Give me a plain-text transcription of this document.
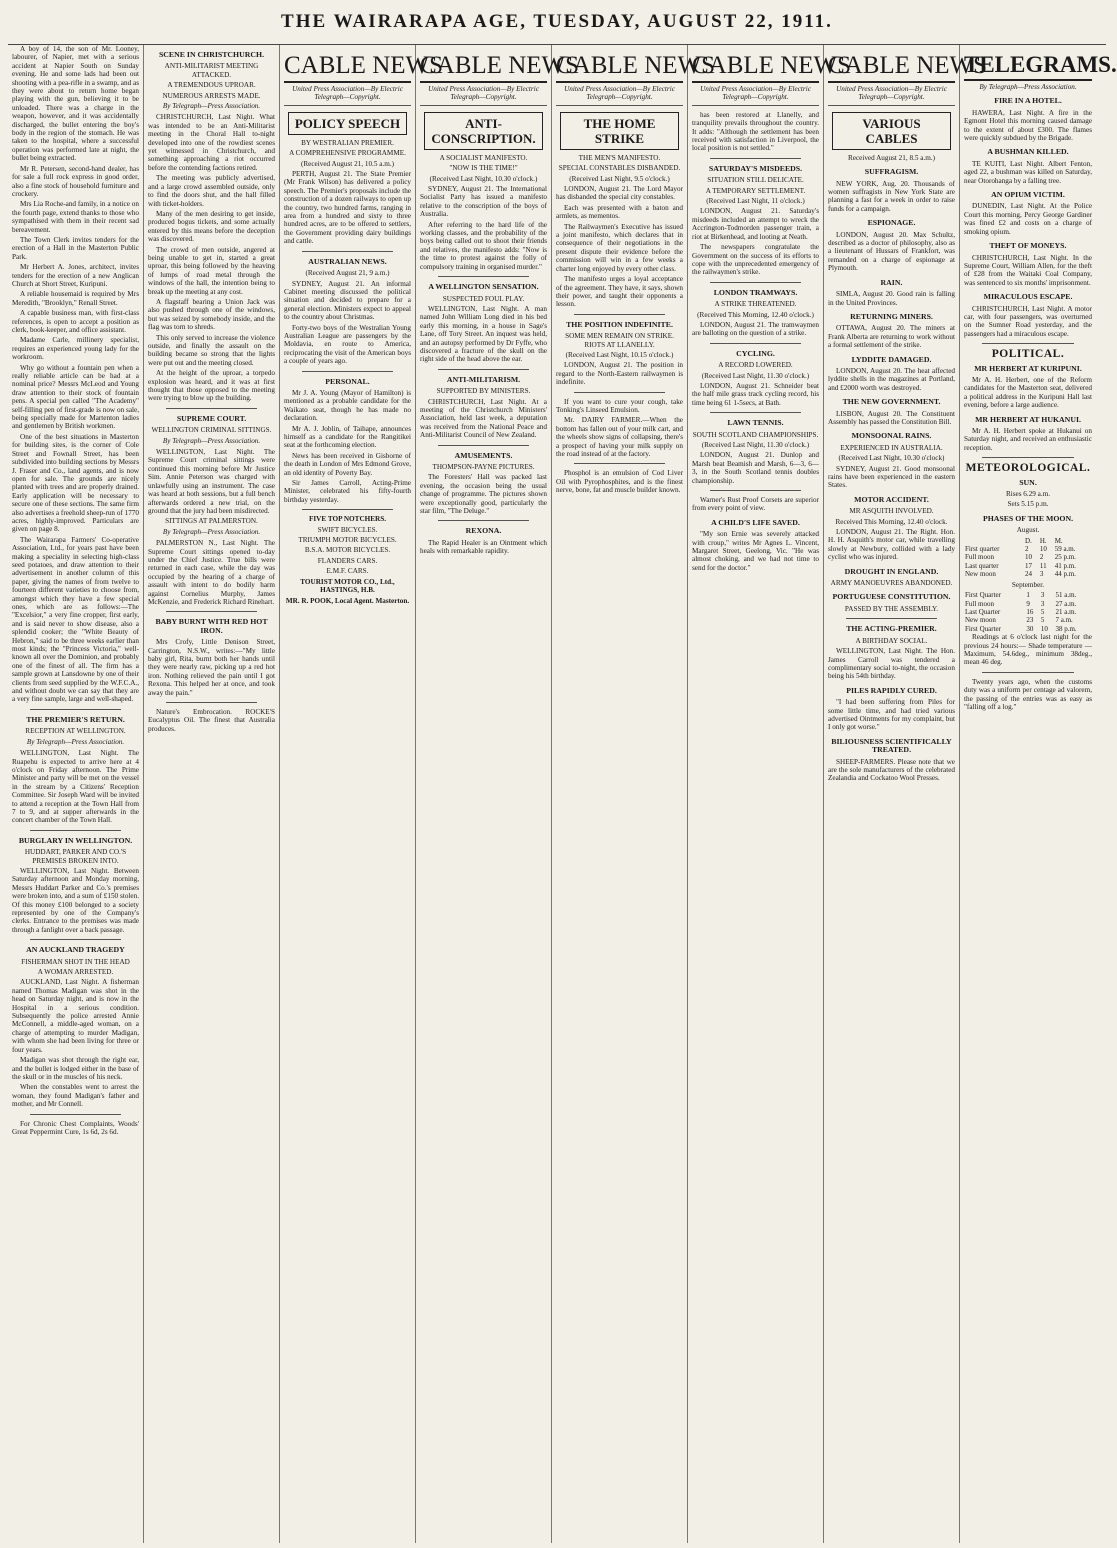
THE WAIRARAPA AGE, TUESDAY, AUGUST 22, 1911.

A boy of 14, the son of Mr. Looney, labourer, of Napier, met with a serious accident at Napier South on Sunday evening. He and some lads had been out shooting with a pea-rifle in a swamp, and as they were about to return home began playing with the gun, believing it to be unloaded. There was a charge in the weapon, however, and it was accidentally discharged, the bullet entering the boy's body in the region of the stomach. He was taken to the hospital, where a successful operation was performed late at night, the bullet being extracted.

Mr R. Petersen, second-hand dealer, has for sale a full rock express in good order, also a fine stock of household furniture and crockery.

Mrs Lia Roche-and family, in a notice on the fourth page, extend thanks to those who sympathised with them in their recent sad bereavement.

The Town Clerk invites tenders for the erection of a Hall in the Masterton Public Park.

Mr Herbert A. Jones, architect, invites tenders for the erection of a new Anglican Church at Short Street, Kuripuni.

A reliable housemaid is required by Mrs Meredith, "Brooklyn," Renall Street.

A capable business man, with first-class references, is open to accept a position as clerk, book-keeper, and office assistant.

Madame Carle, millinery specialist, requires an experienced young lady for the workroom.

Why go without a fountain pen when a really reliable article can be had at a nominal price? Messrs McLeod and Young draw attention to their stock of fountain pens. A special pen called "The Academy" self-filling pen of first-grade is now on sale, being specially made for Martenton ladies and gentlemen by British workmen.

One of the best situations in Masterton for building sites, is the corner of Cole Street and Fownall Street, has been subdivided into building sections by Messrs J. Fraser and Co., land agents, and is now open for sale. The grounds are nicely planted with trees and are properly drained. Early application will be necessary to secure one of these sections. The same firm also advertises a freehold sheep-run of 1770 acres, highly-improved. Particulars are given on page 8.

The Wairarapa Farmers' Co-operative Association, Ltd., for years past have been making a speciality in selecting high-class seed potatoes, and draw attention to their advertisement in another column of this paper, giving the names of from twelve to fourteen different varieties to choose from, amongst which they have a few special ones, which are as follows:—The "Excelsior," a very fine cropper, first early, and is said never to show disease, also a splendid cooker; the "White Beauty of Hebron," said to be three weeks earlier than most kinds; the "Princess Victoria," well-known all over the Dominion, and probably one of the finest of all. The firm has a sample grown at Lansdowne by one of their clients from seed supplied by the W.F.C.A., and without doubt we can say that they are a very fine sample, large and well-shaped.

THE PREMIER'S RETURN.
RECEPTION AT WELLINGTON.
By Telegraph—Press Association.

WELLINGTON, Last Night. The Ruapehu is expected to arrive here at 4 o'clock on Friday afternoon. The Prime Minister and party will be met on the vessel in the stream by a Citizens' Reception Committee. Sir Joseph Ward will be invited to attend a reception at the Town Hall from 7 to 9, and at supper afterwards in the concert chamber of the Town Hall.

BURGLARY IN WELLINGTON.
HUDDART, PARKER AND CO.'S PREMISES BROKEN INTO.

WELLINGTON, Last Night. Between Saturday afternoon and Monday morning, Messrs Huddart Parker and Co.'s premises were broken into, and a sum of £150 stolen. Of this money £100 belonged to a society represented by one of the Company's clerks. Entrance to the premises was made through a fanlight over a back passage.

AN AUCKLAND TRAGEDY
FISHERMAN SHOT IN THE HEAD
A WOMAN ARRESTED.

AUCKLAND, Last Night. A fisherman named Thomas Madigan was shot in the head on Saturday night, and is now in the Hospital in a serious condition. Subsequently the police arrested Annie McConnell, a middle-aged woman, on a charge of attempting to murder Madigan, with whom she had been living for three or four years.

Madigan was shot through the right ear, and the bullet is lodged either in the base of the skull or in the muscles of his neck.

When the constables went to arrest the woman, they found Madigan's father and mother, and Mr Connell.

For Chronic Chest Complaints, Woods' Great Peppermint Cure, 1s 6d, 2s 6d.

SCENE IN CHRISTCHURCH.
ANTI-MILITARIST MEETING ATTACKED.
A TREMENDOUS UPROAR.
NUMEROUS ARRESTS MADE.
By Telegraph—Press Association.

CHRISTCHURCH, Last Night. What was intended to be an Anti-Militarist meeting in the Choral Hall to-night developed into one of the rowdiest scenes yet witnessed in Christchurch, and something approaching a riot occurred before the contending factions retired.

The meeting was publicly advertised, and a large crowd assembled outside, only to find the doors shut, and the hall filled with ticket-holders.

Many of the men desiring to get inside, produced bogus tickets, and some actually entered by this means before the deception was discovered.

The crowd of men outside, angered at being unable to get in, started a great uproar, this being followed by the heaving of lumps of road metal through the windows of the hall, the intention being to break up the meeting at any cost.

A flagstaff bearing a Union Jack was also pushed through one of the windows, but was seized by somebody inside, and the flag was torn to shreds.

This only served to increase the violence outside, and finally the assault on the building became so strong that the lights were put out and the meeting closed.

At the height of the uproar, a torpedo explosion was heard, and it was at first thought that those opposed to the meeting were trying to blow up the building.

SUPREME COURT.
WELLINGTON CRIMINAL SITTINGS.
By Telegraph—Press Association.

WELLINGTON, Last Night. The Supreme Court criminal sittings were continued this morning before Mr Justice Sim. Annie Peterson was charged with unlawfully using an instrument. The case was heard at both sessions, but a full bench afterwards ordered a new trial, on the ground that the jury had been misdirected.

SITTINGS AT PALMERSTON.
By Telegraph—Press Association.

PALMERSTON N., Last Night. The Supreme Court sittings opened to-day under the Chief Justice. True bills were returned in each case, while the day was occupied by the hearing of a charge of assault with intent to do bodily harm against Cornelius Murphy, James McKenzie, and Frederick Richard Rinehart.

BABY BURNT WITH RED HOT IRON.

Mrs Crofy, Little Denison Street, Carrington, N.S.W., writes:—"My little baby girl, Rita, burnt both her hands until they were nearly raw, picking up a red hot iron. Nothing relieved the pain until I got Rexona. This helped her at once, and took away the pain."

Nature's Embrocation. ROCKE'S Eucalyptus Oil. The finest that Australia produces.

CABLE NEWS
United Press Association—By Electric Telegraph—Copyright.
POLICY SPEECH
BY WESTRALIAN PREMIER.
A COMPREHENSIVE PROGRAMME.
(Received August 21, 10.5 a.m.)

PERTH, August 21. The State Premier (Mr Frank Wilson) has delivered a policy speech. The Premier's proposals include the construction of a dozen railways to open up the country, two hundred farms, ranging in area from a hundred and sixty to three hundred acres, are to be offered to settlers, the Government providing dairy buildings and cattle.

AUSTRALIAN NEWS.
(Received August 21, 9 a.m.)

SYDNEY, August 21. An informal Cabinet meeting discussed the political situation and decided to prepare for a general election. Ministers expect to appeal to the country about Christmas.

Forty-two boys of the Westralian Young Australian League are passengers by the Moldavia, en route to America, reciprocating the visit of the American boys a couple of years ago.

PERSONAL.

Mr J. A. Young (Mayor of Hamilton) is mentioned as a probable candidate for the Waikato seat, though he has made no declaration.

Mr A. J. Joblin, of Taihape, announces himself as a candidate for the Rangitikei seat at the forthcoming election.

News has been received in Gisborne of the death in London of Mrs Edmond Grove, an old identity of Poverty Bay.

Sir James Carroll, Acting-Prime Minister, celebrated his fifty-fourth birthday yesterday.

FIVE TOP NOTCHERS.
SWIFT BICYCLES.
TRIUMPH MOTOR BICYCLES.
B.S.A. MOTOR BICYCLES.
FLANDERS CARS.
E.M.F. CARS.
TOURIST MOTOR CO., Ltd., HASTINGS, H.B.
MR. R. POOK, Local Agent. Masterton.
CABLE NEWS
United Press Association—By Electric Telegraph—Copyright.
ANTI-CONSCRIPTION.
A SOCIALIST MANIFESTO.
"NOW IS THE TIME!"
(Received Last Night, 10.30 o'clock.)

SYDNEY, August 21. The International Socialist Party has issued a manifesto relative to the conscription of the boys of Australia.

After referring to the hard life of the working classes, and the probability of the boys being called out to shoot their friends and relatives, the manifesto adds: "Now is the time to protest against the folly of compulsory training in organised murder."

A WELLINGTON SENSATION.
SUSPECTED FOUL PLAY.

WELLINGTON, Last Night. A man named John William Long died in his bed early this morning, in a house in Sage's Lane, off Tory Street. An inquest was held, and an autopsy performed by Dr Fyffe, who discovered a fracture of the skull on the right side of the head above the ear.

ANTI-MILITARISM.
SUPPORTED BY MINISTERS.

CHRISTCHURCH, Last Night. At a meeting of the Christchurch Ministers' Association, held last week, a deputation was received from the National Peace and Anti-Militarist Council of New Zealand.

AMUSEMENTS.
THOMPSON-PAYNE PICTURES.

The Foresters' Hall was packed last evening, the occasion being the usual change of programme. The pictures shown were exceptionally good, particularly the star film, "The Deluge."

REXONA.

The Rapid Healer is an Ointment which heals with remarkable rapidity.

CABLE NEWS
United Press Association—By Electric Telegraph—Copyright.
THE HOME STRIKE
THE MEN'S MANIFESTO.
SPECIAL CONSTABLES DISBANDED.
(Received Last Night, 9.5 o'clock.)

LONDON, August 21. The Lord Mayor has disbanded the special city constables.

Each was presented with a baton and armlets, as mementos.

The Railwaymen's Executive has issued a joint manifesto, which declares that in consequence of their negotiations in the present dispute their evidence before the commission will win in a few weeks a charter long enjoyed by every other class.

The manifesto urges a loyal acceptance of the agreement. They have, it says, shown their power, and taught their opponents a lesson.

THE POSITION INDEFINITE.
SOME MEN REMAIN ON STRIKE. RIOTS AT LLANELLY.
(Received Last Night, 10.15 o'clock.)

LONDON, August 21. The position in regard to the North-Eastern railwaymen is indefinite.

If you want to cure your cough, take Tonking's Linseed Emulsion.

Mr. DAIRY FARMER.—When the bottom has fallen out of your milk cart, and the wheels show signs of collapsing, there's a prospect of having your milk supply on the road instead of at the factory.

Phosphol is an emulsion of Cod Liver Oil with Pyrophosphites, and is the finest nerve, bone, fat and muscle builder known.

CABLE NEWS
United Press Association—By Electric Telegraph—Copyright.

has been restored at Llanelly, and tranquility prevails throughout the country. It adds: "Although the settlement has been received with satisfaction in Liverpool, the local position is not settled."

SATURDAY'S MISDEEDS.
SITUATION STILL DELICATE.
A TEMPORARY SETTLEMENT.
(Received Last Night, 11 o'clock.)

LONDON, August 21. Saturday's misdeeds included an attempt to wreck the Accrington-Todmorden passenger train, a riot at Birkenhead, and looting at Neath.

The newspapers congratulate the Government on the success of its efforts to cope with the unprecedented emergency of the railwaymen's strike.

LONDON TRAMWAYS.
A STRIKE THREATENED.
(Received This Morning, 12.40 o'clock.)

LONDON, August 21. The tramwaymen are balloting on the question of a strike.

CYCLING.
A RECORD LOWERED.
(Received Last Night, 11.30 o'clock.)

LONDON, August 21. Schneider beat the half mile grass track cycling record, his time being 61 1-5secs, at Bath.

LAWN TENNIS.
SOUTH SCOTLAND CHAMPIONSHIPS.
(Received Last Night, 11.30 o'clock.)

LONDON, August 21. Dunlop and Marsh beat Beamish and Marsh, 6—3, 6—3, in the South Scotland tennis doubles championship.

Warner's Rust Proof Corsets are superior from every point of view.

A CHILD'S LIFE SAVED.

"My son Ernie was severely attacked with croup," writes Mr Agnes L. Vincent, Margaret Street, Geelong, Vic. "He was almost choking, and we had not time to send for the doctor."

CABLE NEWS
United Press Association—By Electric Telegraph—Copyright.
VARIOUS CABLES
Received August 21, 8.5 a.m.)
SUFFRAGISM.

NEW YORK, Aug. 20. Thousands of women suffragists in New York State are planning a fast for a week in order to raise funds for a campaign.

ESPIONAGE.

LONDON, August 20. Max Schultz, described as a doctor of philosophy, also as a lieutenant of Hussars of Frankfort, was remanded on a charge of espionage at Plymouth.

RAIN.

SIMLA, August 20. Good rain is falling in the United Provinces.

RETURNING MINERS.

OTTAWA, August 20. The miners at Frank Alberta are returning to work without a formal settlement of the strike.

LYDDITE DAMAGED.

LONDON, August 20. The heat affected lyddite shells in the magazines at Portland, and £2000 worth was destroyed.

THE NEW GOVERNMENT.

LISBON, August 20. The Constituent Assembly has passed the Constitution Bill.

MONSOONAL RAINS.
EXPERIENCED IN AUSTRALIA.
(Received Last Night, 10.30 o'clock)

SYDNEY, August 21. Good monsoonal rains have been experienced in the eastern States.

MOTOR ACCIDENT.
MR ASQUITH INVOLVED.
Received This Morning, 12.40 o'clock.

LONDON, August 21. The Right. Hon. H. H. Asquith's motor car, while travelling slowly at Newbury, collided with a lady cyclist who was injured.

DROUGHT IN ENGLAND.
ARMY MANOEUVRES ABANDONED.
PORTUGUESE CONSTITUTION.
PASSED BY THE ASSEMBLY.
THE ACTING-PREMIER.
A BIRTHDAY SOCIAL.

WELLINGTON, Last Night. The Hon. James Carroll was tendered a complimentary social to-night, the occasion being his 54th birthday.

PILES RAPIDLY CURED.

"I had been suffering from Piles for some little time, and had tried various advertised Ointments for my complaint, but I only got worse."

BILIOUSNESS SCIENTIFICALLY TREATED.

SHEEP-FARMERS. Please note that we are the sole manufacturers of the celebrated Zealandia and Cockatoo Wool Presses.

TELEGRAMS.
By Telegraph—Press Association.
FIRE IN A HOTEL.

HAWERA, Last Night. A fire in the Egmont Hotel this morning caused damage to the extent of about £300. The flames were quickly subdued by the Brigade.

A BUSHMAN KILLED.

TE KUITI, Last Night. Albert Fenton, aged 22, a bushman was killed on Saturday, near Otorohanga by a falling tree.

AN OPIUM VICTIM.

DUNEDIN, Last Night. At the Police Court this morning, Percy George Gardiner was fined £2 and costs on a charge of smoking opium.

THEFT OF MONEYS.

CHRISTCHURCH, Last Night. In the Supreme Court, William Allen, for the theft of £28 from the Waitaki Coal Company, was sentenced to six months' imprisonment.

MIRACULOUS ESCAPE.

CHRISTCHURCH, Last Night. A motor car, with four passengers, was overturned on the Sumner Road yesterday, and the passengers had a miraculous escape.

POLITICAL.
MR HERBERT AT KURIPUNI.

Mr A. H. Herbert, one of the Reform candidates for the Masterton seat, delivered a political address in the Kuripuni Hall last evening, before a large audience.

MR HERBERT AT HUKANUI.

Mr A. H. Herbert spoke at Hukanui on Saturday night, and received an enthusiastic reception.

METEOROLOGICAL.
SUN.
Rises 6.29 a.m.
Sets 5.15 p.m.
PHASES OF THE MOON.
August.
	D.	H.	M.
First quarter	2	10	59 a.m.
Full moon	10	2	25 p.m.
Last quarter	17	11	41 p.m.
New moon	24	3	44 p.m.
September.
First Quarter	1	3	51 a.m.
Full moon	9	3	27 a.m.
Last Quarter	16	5	21 a.m.
New moon	23	5	7 a.m.
First Quarter	30	10	38 p.m.

Readings at 6 o'clock last night for the previous 24 hours:— Shade temperature — Maximum, 54.6deg., minimum 38deg., mean 46 deg.

Twenty years ago, when the customs duty was a uniform per centage ad valorem, the passing of the entries was as easy as "falling off a log."
